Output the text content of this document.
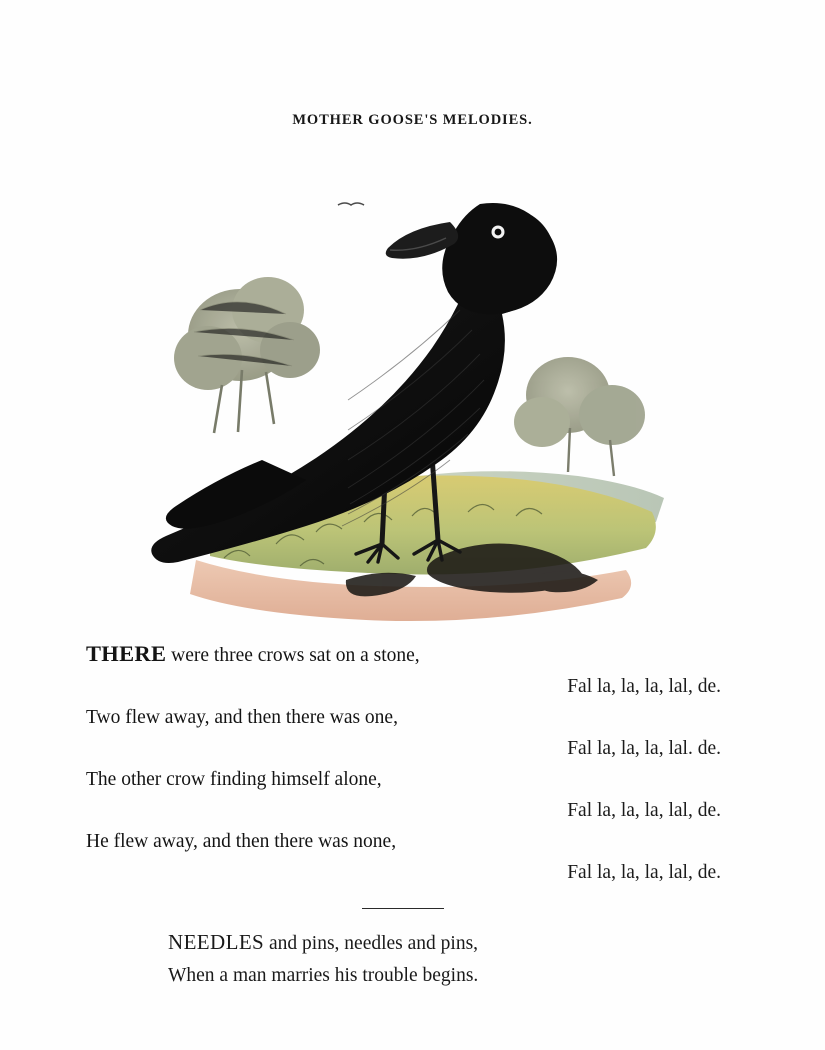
MOTHER GOOSE'S MELODIES.
THERE were three crows sat on a stone,
Fal la, la, la, lal, de.
Two flew away, and then there was one,
Fal la, la, la, lal. de.
The other crow finding himself alone,
Fal la, la, la, lal, de.
He flew away, and then there was none,
Fal la, la, la, lal, de.
NEEDLES and pins, needles and pins,
When a man marries his trouble begins.
